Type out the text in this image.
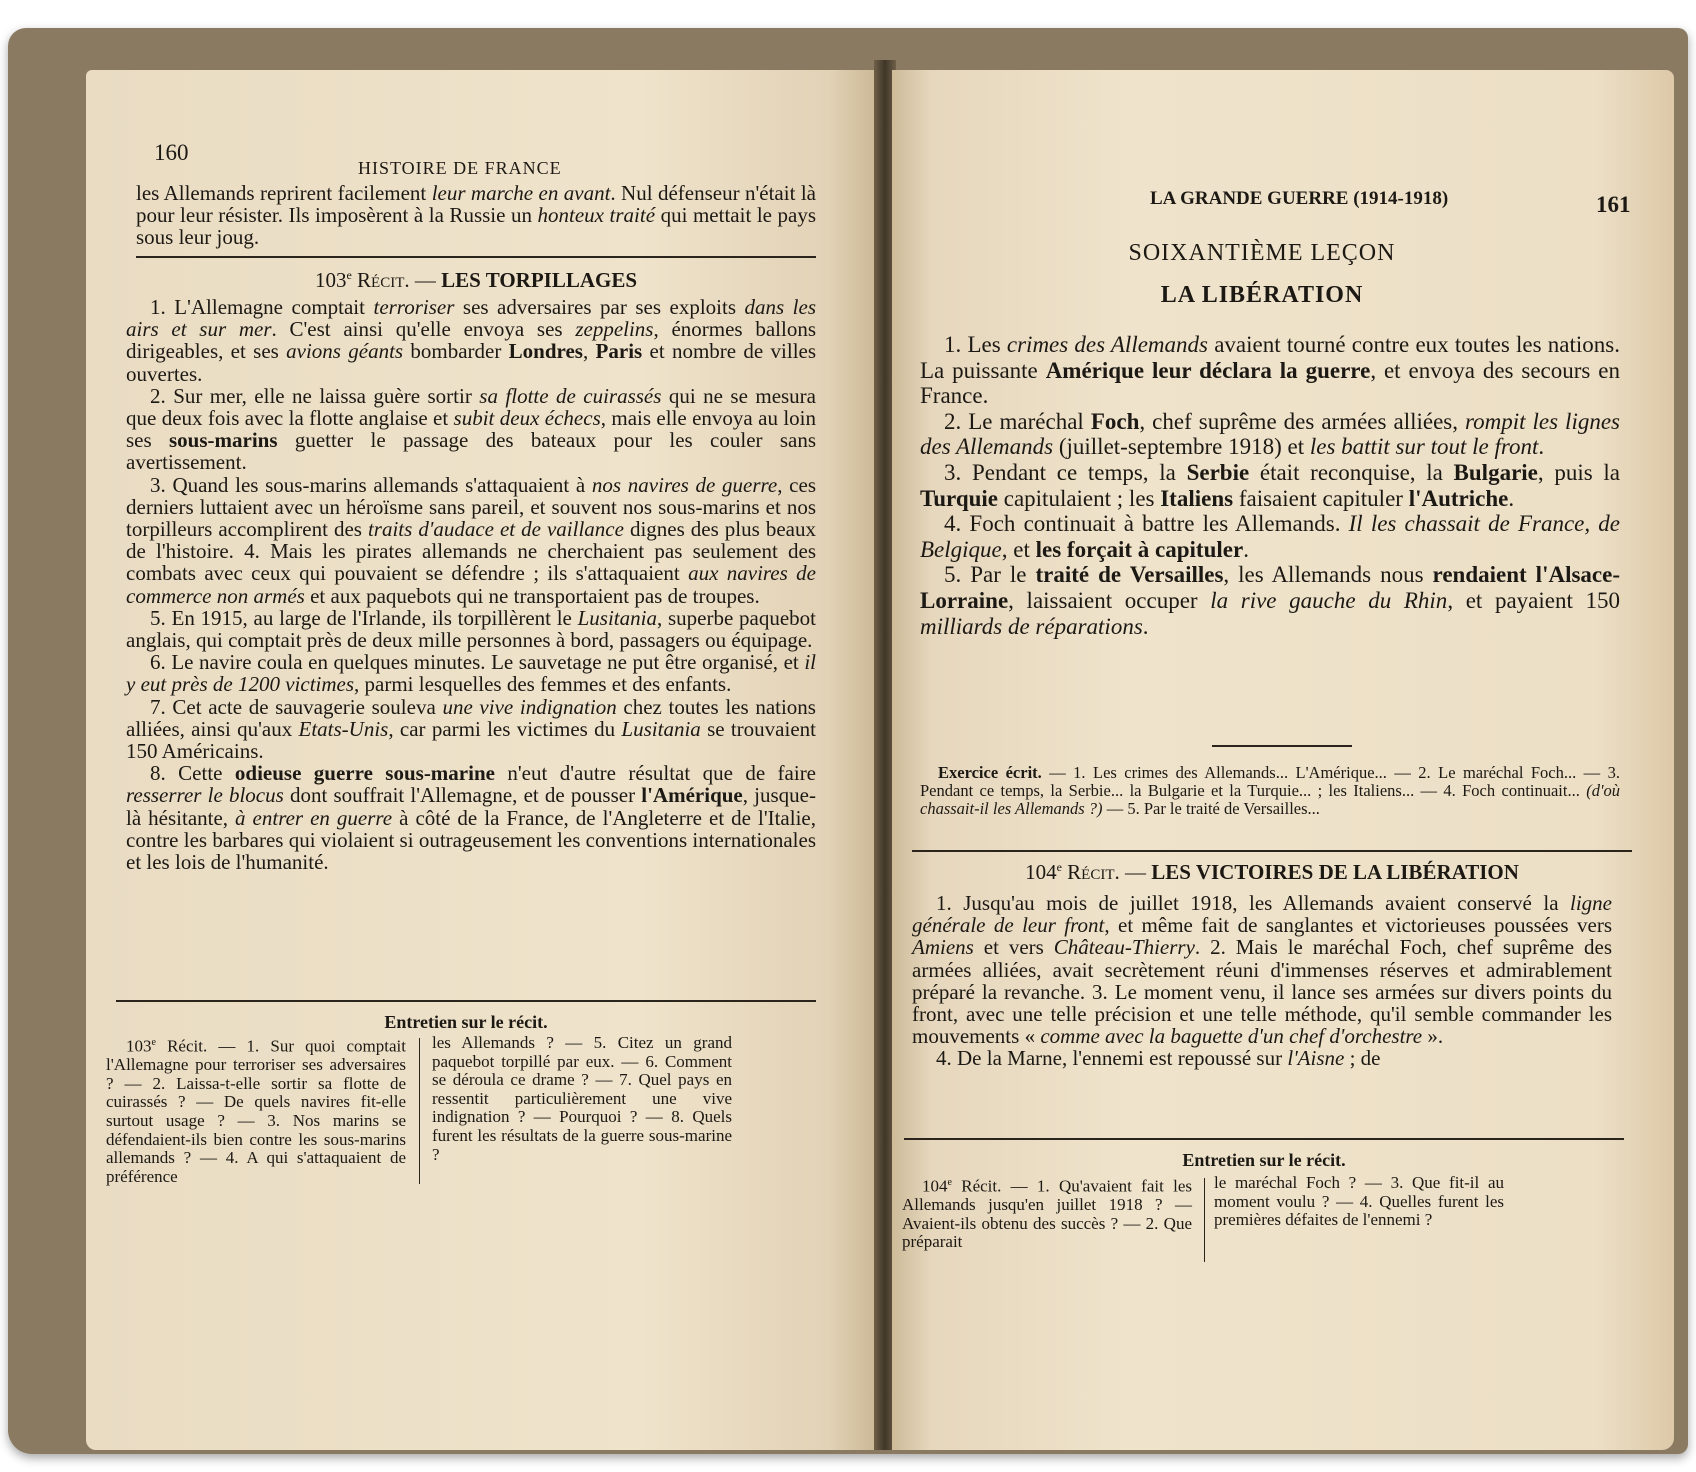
160
HISTOIRE DE FRANCE
les Allemands reprirent facilement leur marche en avant. Nul défenseur n'était là pour leur résister. Ils imposèrent à la Russie un honteux traité qui mettait le pays sous leur joug.
103e Récit. — LES TORPILLAGES

1. L'Allemagne comptait terroriser ses adversaires par ses exploits dans les airs et sur mer. C'est ainsi qu'elle envoya ses zeppelins, énormes ballons dirigeables, et ses avions géants bombarder Londres, Paris et nombre de villes ouvertes.

2. Sur mer, elle ne laissa guère sortir sa flotte de cuirassés qui ne se mesura que deux fois avec la flotte anglaise et subit deux échecs, mais elle envoya au loin ses sous-marins guetter le passage des bateaux pour les couler sans avertissement.

3. Quand les sous-marins allemands s'attaquaient à nos navires de guerre, ces derniers luttaient avec un héroïsme sans pareil, et souvent nos sous-marins et nos torpilleurs accomplirent des traits d'audace et de vaillance dignes des plus beaux de l'histoire. 4. Mais les pirates allemands ne cherchaient pas seulement des combats avec ceux qui pouvaient se défendre ; ils s'attaquaient aux navires de commerce non armés et aux paquebots qui ne transportaient pas de troupes.

5. En 1915, au large de l'Irlande, ils torpillèrent le Lusitania, superbe paquebot anglais, qui comptait près de deux mille personnes à bord, passagers ou équipage.

6. Le navire coula en quelques minutes. Le sauvetage ne put être organisé, et il y eut près de 1200 victimes, parmi lesquelles des femmes et des enfants.

7. Cet acte de sauvagerie souleva une vive indignation chez toutes les nations alliées, ainsi qu'aux Etats-Unis, car parmi les victimes du Lusitania se trouvaient 150 Américains.

8. Cette odieuse guerre sous-marine n'eut d'autre résultat que de faire resserrer le blocus dont souffrait l'Allemagne, et de pousser l'Amérique, jusque-là hésitante, à entrer en guerre à côté de la France, de l'Angleterre et de l'Italie, contre les barbares qui violaient si outrageusement les conventions internationales et les lois de l'humanité.

Entretien sur le récit.
103e Récit. — 1. Sur quoi comptait l'Allemagne pour terroriser ses adversaires ? — 2. Laissa-t-elle sortir sa flotte de cuirassés ? — De quels navires fit-elle surtout usage ? — 3. Nos marins se défendaient-ils bien contre les sous-marins allemands ? — 4. A qui s'attaquaient de préférence
les Allemands ? — 5. Citez un grand paquebot torpillé par eux. — 6. Comment se déroula ce drame ? — 7. Quel pays en ressentit particulièrement une vive indignation ? — Pourquoi ? — 8. Quels furent les résultats de la guerre sous-marine ?
LA GRANDE GUERRE (1914-1918)	161
SOIXANTIÈME LEÇON
LA LIBÉRATION

1. Les crimes des Allemands avaient tourné contre eux toutes les nations. La puissante Amérique leur déclara la guerre, et envoya des secours en France.

2. Le maréchal Foch, chef suprême des armées alliées, rompit les lignes des Allemands (juillet-septembre 1918) et les battit sur tout le front.

3. Pendant ce temps, la Serbie était reconquise, la Bulgarie, puis la Turquie capitulaient ; les Italiens faisaient capituler l'Autriche.

4. Foch continuait à battre les Allemands. Il les chassait de France, de Belgique, et les forçait à capituler.

5. Par le traité de Versailles, les Allemands nous rendaient l'Alsace-Lorraine, laissaient occuper la rive gauche du Rhin, et payaient 150 milliards de réparations.

Exercice écrit. — 1. Les crimes des Allemands... L'Amérique... — 2. Le maréchal Foch... — 3. Pendant ce temps, la Serbie... la Bulgarie et la Turquie... ; les Italiens... — 4. Foch continuait... (d'où chassait-il les Allemands ?) — 5. Par le traité de Versailles...
104e Récit. — LES VICTOIRES DE LA LIBÉRATION

1. Jusqu'au mois de juillet 1918, les Allemands avaient conservé la ligne générale de leur front, et même fait de sanglantes et victorieuses poussées vers Amiens et vers Château-Thierry. 2. Mais le maréchal Foch, chef suprême des armées alliées, avait secrètement réuni d'immenses réserves et admirablement préparé la revanche. 3. Le moment venu, il lance ses armées sur divers points du front, avec une telle précision et une telle méthode, qu'il semble commander les mouvements « comme avec la baguette d'un chef d'orchestre ».

4. De la Marne, l'ennemi est repoussé sur l'Aisne ; de

Entretien sur le récit.
104e Récit. — 1. Qu'avaient fait les Allemands jusqu'en juillet 1918 ? — Avaient-ils obtenu des succès ? — 2. Que préparait
le maréchal Foch ? — 3. Que fit-il au moment voulu ? — 4. Quelles furent les premières défaites de l'ennemi ?
